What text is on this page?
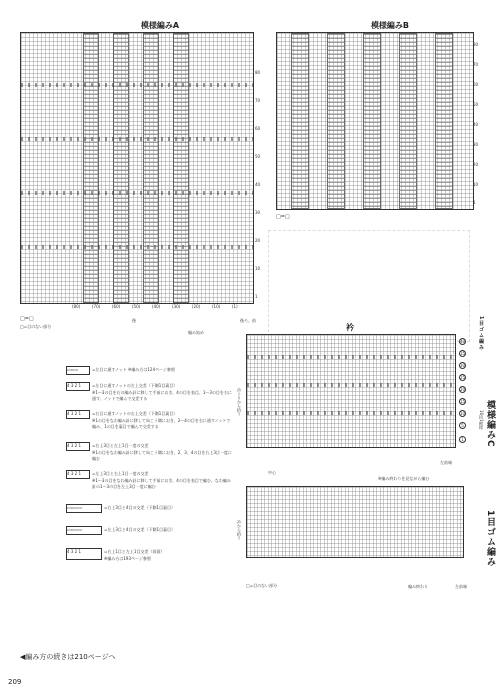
模様編みA
80
70
60
50
40
30
20
10
1
(80)	(70)	(60)	(50)	(40)	(30)	(20)	(10)	(1)
□=□
□=目のない部分
後	後ろ、前
編み始め
模様編みB
80
70
60
50
40
30
20
10
1
□=□
▭▭▭	=左目に通すノット ※編み方は124ページ参照
4 3 2 1	=左目に通すノットの左上交差（下側1目裏目）
※1〜3の目を右の編み針に移して手前におき、4の目を表目、1〜3の目を右に通す、ノットで編んで交差する
4 3 2 1	=右目に通すノットの右上交差（下側1目裏目）
※1の目をなわ編み針に移して向こう側におき、2〜4の目を右に通すノットで編み、1の目を裏目で編んで交差する
4 3 2 1	=右上3目と左上1目一度の交差
※1の目をなわ編み針に移して向こう側におき、2、3、4の目を右上3目一度に編む
4 3 2 1	=左上3目と右上1目一度の交差
※1〜3の目をなわ編み針に移して手前におき、4の目を表目で編む。なわ編み針の1〜3の目を左上3目一度に編む
▭▭▭▭	=右上3目と4目の交差（下側1目裏目）
▭▭▭▭	=左上3目と4目の交差（下側1目裏目）
4 3 2 1	=右上1目と左上1目交差（両面）
※編み方は193ページ参照
衿
40
35
30
25
20
15
10
5
1
衿ぐりから拾う
中心
左前端
※編み終わりを見ながら編む
1目ゴム編み
模様編みC
16段1模様
衿から拾う	1目ゴム編み
左前端
編み終わり
□=目のない部分
◀編み方の続きは210ページへ
209
